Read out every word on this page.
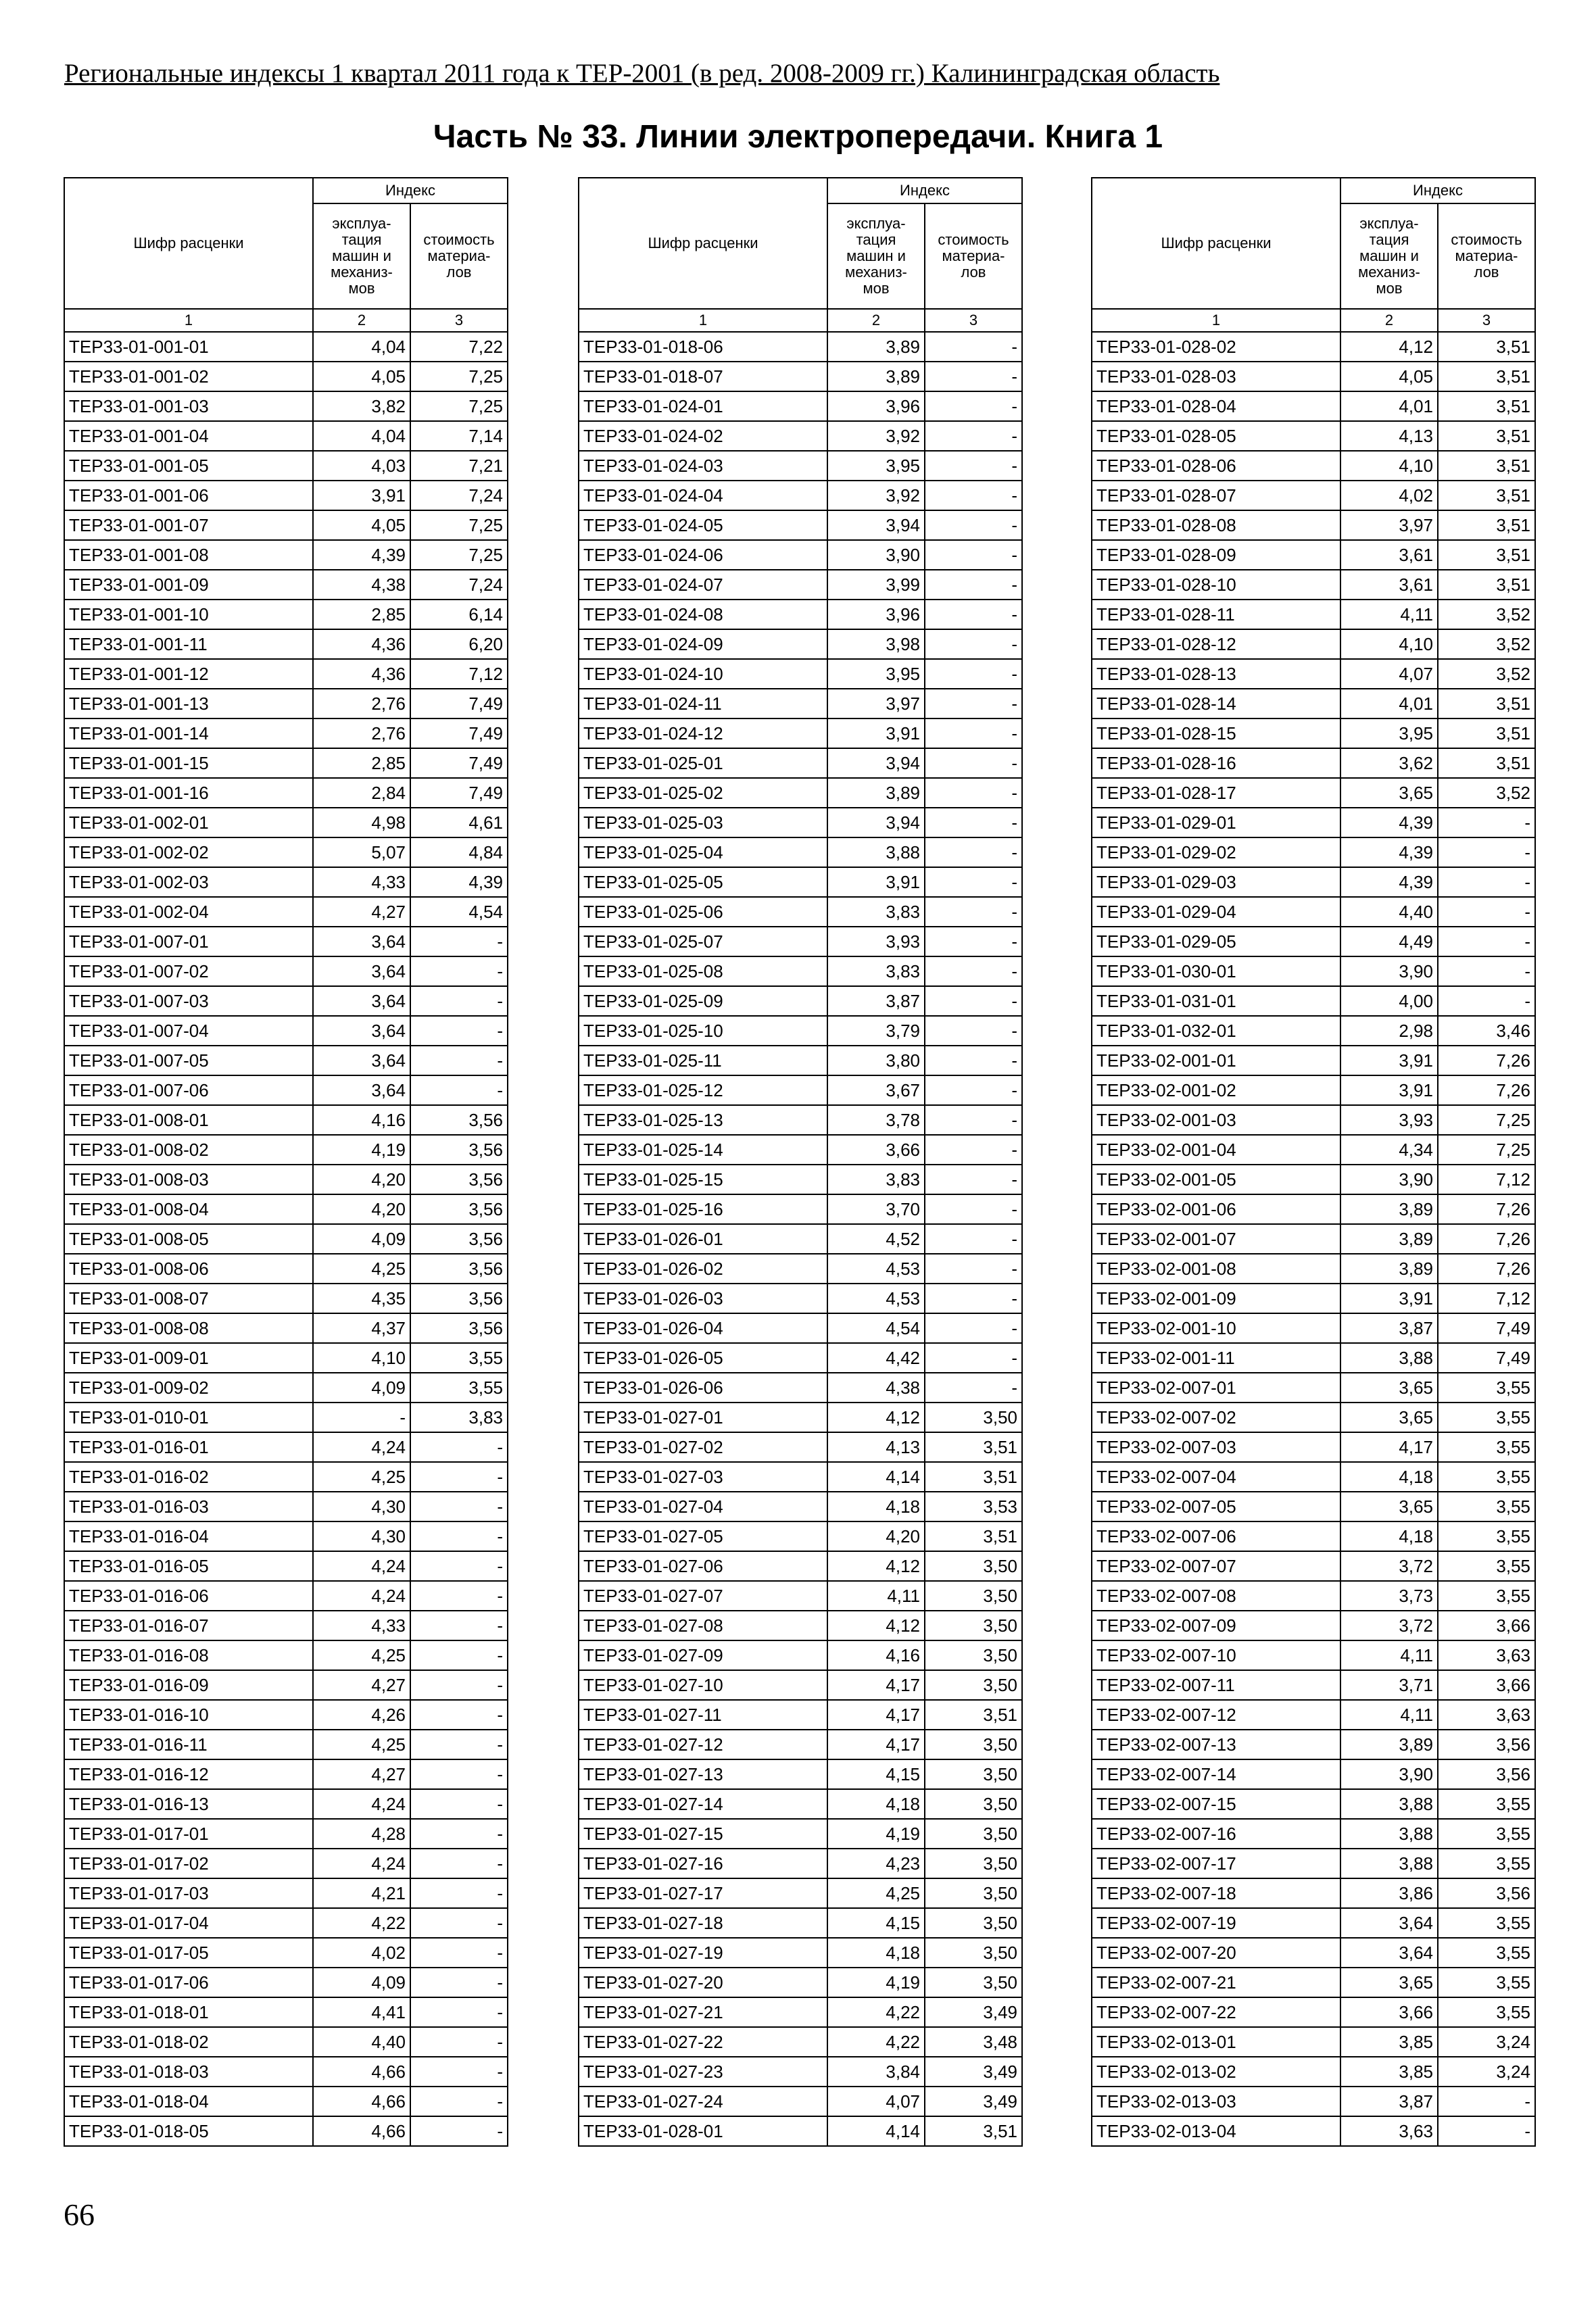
Региональные индексы 1 квартал 2011 года к ТЕР-2001 (в ред. 2008-2009 гг.) Калининградская область
Часть № 33. Линии электропередачи. Книга 1
Шифр расценки	Индекс	
	эксплуа-
тация
машин и
механиз-
мов	стоимость
материа-
лов
1	2	3
ТЕР33-01-001-01	4,04	7,22
ТЕР33-01-001-02	4,05	7,25
ТЕР33-01-001-03	3,82	7,25
ТЕР33-01-001-04	4,04	7,14
ТЕР33-01-001-05	4,03	7,21
ТЕР33-01-001-06	3,91	7,24
ТЕР33-01-001-07	4,05	7,25
ТЕР33-01-001-08	4,39	7,25
ТЕР33-01-001-09	4,38	7,24
ТЕР33-01-001-10	2,85	6,14
ТЕР33-01-001-11	4,36	6,20
ТЕР33-01-001-12	4,36	7,12
ТЕР33-01-001-13	2,76	7,49
ТЕР33-01-001-14	2,76	7,49
ТЕР33-01-001-15	2,85	7,49
ТЕР33-01-001-16	2,84	7,49
ТЕР33-01-002-01	4,98	4,61
ТЕР33-01-002-02	5,07	4,84
ТЕР33-01-002-03	4,33	4,39
ТЕР33-01-002-04	4,27	4,54
ТЕР33-01-007-01	3,64	-
ТЕР33-01-007-02	3,64	-
ТЕР33-01-007-03	3,64	-
ТЕР33-01-007-04	3,64	-
ТЕР33-01-007-05	3,64	-
ТЕР33-01-007-06	3,64	-
ТЕР33-01-008-01	4,16	3,56
ТЕР33-01-008-02	4,19	3,56
ТЕР33-01-008-03	4,20	3,56
ТЕР33-01-008-04	4,20	3,56
ТЕР33-01-008-05	4,09	3,56
ТЕР33-01-008-06	4,25	3,56
ТЕР33-01-008-07	4,35	3,56
ТЕР33-01-008-08	4,37	3,56
ТЕР33-01-009-01	4,10	3,55
ТЕР33-01-009-02	4,09	3,55
ТЕР33-01-010-01	-	3,83
ТЕР33-01-016-01	4,24	-
ТЕР33-01-016-02	4,25	-
ТЕР33-01-016-03	4,30	-
ТЕР33-01-016-04	4,30	-
ТЕР33-01-016-05	4,24	-
ТЕР33-01-016-06	4,24	-
ТЕР33-01-016-07	4,33	-
ТЕР33-01-016-08	4,25	-
ТЕР33-01-016-09	4,27	-
ТЕР33-01-016-10	4,26	-
ТЕР33-01-016-11	4,25	-
ТЕР33-01-016-12	4,27	-
ТЕР33-01-016-13	4,24	-
ТЕР33-01-017-01	4,28	-
ТЕР33-01-017-02	4,24	-
ТЕР33-01-017-03	4,21	-
ТЕР33-01-017-04	4,22	-
ТЕР33-01-017-05	4,02	-
ТЕР33-01-017-06	4,09	-
ТЕР33-01-018-01	4,41	-
ТЕР33-01-018-02	4,40	-
ТЕР33-01-018-03	4,66	-
ТЕР33-01-018-04	4,66	-
ТЕР33-01-018-05	4,66	-
Шифр расценки	Индекс	
	эксплуа-
тация
машин и
механиз-
мов	стоимость
материа-
лов
1	2	3
ТЕР33-01-018-06	3,89	-
ТЕР33-01-018-07	3,89	-
ТЕР33-01-024-01	3,96	-
ТЕР33-01-024-02	3,92	-
ТЕР33-01-024-03	3,95	-
ТЕР33-01-024-04	3,92	-
ТЕР33-01-024-05	3,94	-
ТЕР33-01-024-06	3,90	-
ТЕР33-01-024-07	3,99	-
ТЕР33-01-024-08	3,96	-
ТЕР33-01-024-09	3,98	-
ТЕР33-01-024-10	3,95	-
ТЕР33-01-024-11	3,97	-
ТЕР33-01-024-12	3,91	-
ТЕР33-01-025-01	3,94	-
ТЕР33-01-025-02	3,89	-
ТЕР33-01-025-03	3,94	-
ТЕР33-01-025-04	3,88	-
ТЕР33-01-025-05	3,91	-
ТЕР33-01-025-06	3,83	-
ТЕР33-01-025-07	3,93	-
ТЕР33-01-025-08	3,83	-
ТЕР33-01-025-09	3,87	-
ТЕР33-01-025-10	3,79	-
ТЕР33-01-025-11	3,80	-
ТЕР33-01-025-12	3,67	-
ТЕР33-01-025-13	3,78	-
ТЕР33-01-025-14	3,66	-
ТЕР33-01-025-15	3,83	-
ТЕР33-01-025-16	3,70	-
ТЕР33-01-026-01	4,52	-
ТЕР33-01-026-02	4,53	-
ТЕР33-01-026-03	4,53	-
ТЕР33-01-026-04	4,54	-
ТЕР33-01-026-05	4,42	-
ТЕР33-01-026-06	4,38	-
ТЕР33-01-027-01	4,12	3,50
ТЕР33-01-027-02	4,13	3,51
ТЕР33-01-027-03	4,14	3,51
ТЕР33-01-027-04	4,18	3,53
ТЕР33-01-027-05	4,20	3,51
ТЕР33-01-027-06	4,12	3,50
ТЕР33-01-027-07	4,11	3,50
ТЕР33-01-027-08	4,12	3,50
ТЕР33-01-027-09	4,16	3,50
ТЕР33-01-027-10	4,17	3,50
ТЕР33-01-027-11	4,17	3,51
ТЕР33-01-027-12	4,17	3,50
ТЕР33-01-027-13	4,15	3,50
ТЕР33-01-027-14	4,18	3,50
ТЕР33-01-027-15	4,19	3,50
ТЕР33-01-027-16	4,23	3,50
ТЕР33-01-027-17	4,25	3,50
ТЕР33-01-027-18	4,15	3,50
ТЕР33-01-027-19	4,18	3,50
ТЕР33-01-027-20	4,19	3,50
ТЕР33-01-027-21	4,22	3,49
ТЕР33-01-027-22	4,22	3,48
ТЕР33-01-027-23	3,84	3,49
ТЕР33-01-027-24	4,07	3,49
ТЕР33-01-028-01	4,14	3,51
Шифр расценки	Индекс	
	эксплуа-
тация
машин и
механиз-
мов	стоимость
материа-
лов
1	2	3
ТЕР33-01-028-02	4,12	3,51
ТЕР33-01-028-03	4,05	3,51
ТЕР33-01-028-04	4,01	3,51
ТЕР33-01-028-05	4,13	3,51
ТЕР33-01-028-06	4,10	3,51
ТЕР33-01-028-07	4,02	3,51
ТЕР33-01-028-08	3,97	3,51
ТЕР33-01-028-09	3,61	3,51
ТЕР33-01-028-10	3,61	3,51
ТЕР33-01-028-11	4,11	3,52
ТЕР33-01-028-12	4,10	3,52
ТЕР33-01-028-13	4,07	3,52
ТЕР33-01-028-14	4,01	3,51
ТЕР33-01-028-15	3,95	3,51
ТЕР33-01-028-16	3,62	3,51
ТЕР33-01-028-17	3,65	3,52
ТЕР33-01-029-01	4,39	-
ТЕР33-01-029-02	4,39	-
ТЕР33-01-029-03	4,39	-
ТЕР33-01-029-04	4,40	-
ТЕР33-01-029-05	4,49	-
ТЕР33-01-030-01	3,90	-
ТЕР33-01-031-01	4,00	-
ТЕР33-01-032-01	2,98	3,46
ТЕР33-02-001-01	3,91	7,26
ТЕР33-02-001-02	3,91	7,26
ТЕР33-02-001-03	3,93	7,25
ТЕР33-02-001-04	4,34	7,25
ТЕР33-02-001-05	3,90	7,12
ТЕР33-02-001-06	3,89	7,26
ТЕР33-02-001-07	3,89	7,26
ТЕР33-02-001-08	3,89	7,26
ТЕР33-02-001-09	3,91	7,12
ТЕР33-02-001-10	3,87	7,49
ТЕР33-02-001-11	3,88	7,49
ТЕР33-02-007-01	3,65	3,55
ТЕР33-02-007-02	3,65	3,55
ТЕР33-02-007-03	4,17	3,55
ТЕР33-02-007-04	4,18	3,55
ТЕР33-02-007-05	3,65	3,55
ТЕР33-02-007-06	4,18	3,55
ТЕР33-02-007-07	3,72	3,55
ТЕР33-02-007-08	3,73	3,55
ТЕР33-02-007-09	3,72	3,66
ТЕР33-02-007-10	4,11	3,63
ТЕР33-02-007-11	3,71	3,66
ТЕР33-02-007-12	4,11	3,63
ТЕР33-02-007-13	3,89	3,56
ТЕР33-02-007-14	3,90	3,56
ТЕР33-02-007-15	3,88	3,55
ТЕР33-02-007-16	3,88	3,55
ТЕР33-02-007-17	3,88	3,55
ТЕР33-02-007-18	3,86	3,56
ТЕР33-02-007-19	3,64	3,55
ТЕР33-02-007-20	3,64	3,55
ТЕР33-02-007-21	3,65	3,55
ТЕР33-02-007-22	3,66	3,55
ТЕР33-02-013-01	3,85	3,24
ТЕР33-02-013-02	3,85	3,24
ТЕР33-02-013-03	3,87	-
ТЕР33-02-013-04	3,63	-
66
